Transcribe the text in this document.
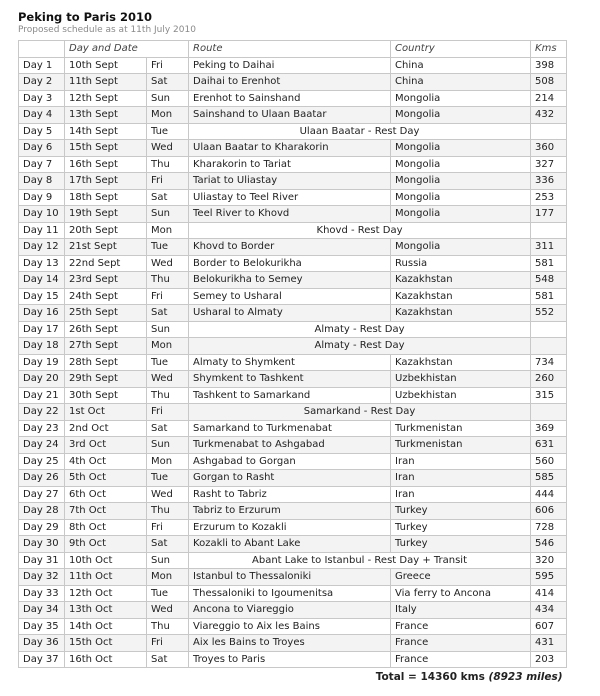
Peking to Paris 2010
Proposed schedule as at 11th July 2010
	Day and Date		Route	Country	Kms
Day 1	10th Sept	Fri	Peking to Daihai	China	398
Day 2	11th Sept	Sat	Daihai to Erenhot	China	508
Day 3	12th Sept	Sun	Erenhot to Sainshand	Mongolia	214
Day 4	13th Sept	Mon	Sainshand to Ulaan Baatar	Mongolia	432
Day 5	14th Sept	Tue	Ulaan Baatar - Rest Day		
Day 6	15th Sept	Wed	Ulaan Baatar to Kharakorin	Mongolia	360
Day 7	16th Sept	Thu	Kharakorin to Tariat	Mongolia	327
Day 8	17th Sept	Fri	Tariat to Uliastay	Mongolia	336
Day 9	18th Sept	Sat	Uliastay to Teel River	Mongolia	253
Day 10	19th Sept	Sun	Teel River to Khovd	Mongolia	177
Day 11	20th Sept	Mon	Khovd - Rest Day		
Day 12	21st Sept	Tue	Khovd to Border	Mongolia	311
Day 13	22nd Sept	Wed	Border to Belokurikha	Russia	581
Day 14	23rd Sept	Thu	Belokurikha to Semey	Kazakhstan	548
Day 15	24th Sept	Fri	Semey to Usharal	Kazakhstan	581
Day 16	25th Sept	Sat	Usharal to Almaty	Kazakhstan	552
Day 17	26th Sept	Sun	Almaty - Rest Day		
Day 18	27th Sept	Mon	Almaty - Rest Day		
Day 19	28th Sept	Tue	Almaty to Shymkent	Kazakhstan	734
Day 20	29th Sept	Wed	Shymkent to Tashkent	Uzbekhistan	260
Day 21	30th Sept	Thu	Tashkent to Samarkand	Uzbekhistan	315
Day 22	1st Oct	Fri	Samarkand - Rest Day		
Day 23	2nd Oct	Sat	Samarkand to Turkmenabat	Turkmenistan	369
Day 24	3rd Oct	Sun	Turkmenabat to Ashgabad	Turkmenistan	631
Day 25	4th Oct	Mon	Ashgabad to Gorgan	Iran	560
Day 26	5th Oct	Tue	Gorgan to Rasht	Iran	585
Day 27	6th Oct	Wed	Rasht to Tabriz	Iran	444
Day 28	7th Oct	Thu	Tabriz to Erzurum	Turkey	606
Day 29	8th Oct	Fri	Erzurum to Kozakli	Turkey	728
Day 30	9th Oct	Sat	Kozakli to Abant Lake	Turkey	546
Day 31	10th Oct	Sun	Abant Lake to Istanbul - Rest Day + Transit		320
Day 32	11th Oct	Mon	Istanbul to Thessaloniki	Greece	595
Day 33	12th Oct	Tue	Thessaloniki to Igoumenitsa	Via ferry to Ancona	414
Day 34	13th Oct	Wed	Ancona to Viareggio	Italy	434
Day 35	14th Oct	Thu	Viareggio to Aix les Bains	France	607
Day 36	15th Oct	Fri	Aix les Bains to Troyes	France	431
Day 37	16th Oct	Sat	Troyes to Paris	France	203
Total = 14360 kms (8923 miles)					
